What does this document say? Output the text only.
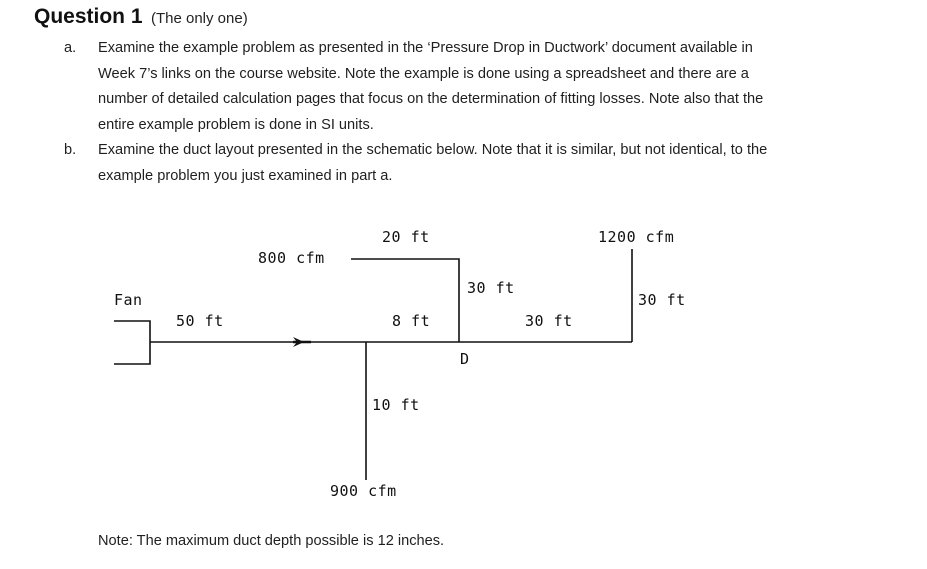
Question 1 (The only one)
a. Examine the example problem as presented in the ‘Pressure Drop in Ductwork’ document available in
Week 7’s links on the course website. Note the example is done using a spreadsheet and there are a
number of detailed calculation pages that focus on the determination of fitting losses. Note also that the
entire example problem is done in SI units.
b. Examine the duct layout presented in the schematic below. Note that it is similar, but not identical, to the
example problem you just examined in part a.
Fan
50 ft
800 cfm
20 ft
8 ft
30 ft
D
30 ft
1200 cfm
30 ft
10 ft
900 cfm
Note: The maximum duct depth possible is 12 inches.
